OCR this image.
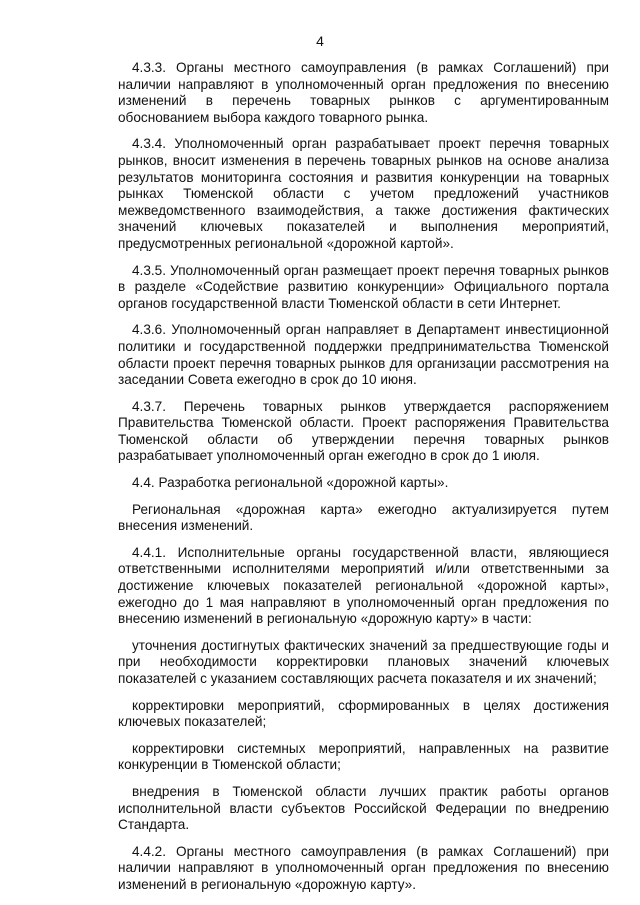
4

4.3.3. Органы местного самоуправления (в рамках Соглашений) при наличии направляют в уполномоченный орган предложения по внесению изменений в перечень товарных рынков с аргументированным обоснованием выбора каждого товарного рынка.

4.3.4. Уполномоченный орган разрабатывает проект перечня товарных рынков, вносит изменения в перечень товарных рынков на основе анализа результатов мониторинга состояния и развития конкуренции на товарных рынках Тюменской области с учетом предложений участников межведомственного взаимодействия, а также достижения фактических значений ключевых показателей и выполнения мероприятий, предусмотренных региональной «дорожной картой».

4.3.5. Уполномоченный орган размещает проект перечня товарных рынков в разделе «Содействие развитию конкуренции» Официального портала органов государственной власти Тюменской области в сети Интернет.

4.3.6. Уполномоченный орган направляет в Департамент инвестиционной политики и государственной поддержки предпринимательства Тюменской области проект перечня товарных рынков для организации рассмотрения на заседании Совета ежегодно в срок до 10 июня.

4.3.7. Перечень товарных рынков утверждается распоряжением Правительства Тюменской области. Проект распоряжения Правительства Тюменской области об утверждении перечня товарных рынков разрабатывает уполномоченный орган ежегодно в срок до 1 июля.

4.4. Разработка региональной «дорожной карты».

Региональная «дорожная карта» ежегодно актуализируется путем внесения изменений.

4.4.1. Исполнительные органы государственной власти, являющиеся ответственными исполнителями мероприятий и/или ответственными за достижение ключевых показателей региональной «дорожной карты», ежегодно до 1 мая направляют в уполномоченный орган предложения по внесению изменений в региональную «дорожную карту» в части:

уточнения достигнутых фактических значений за предшествующие годы и при необходимости корректировки плановых значений ключевых показателей с указанием составляющих расчета показателя и их значений;

корректировки мероприятий, сформированных в целях достижения ключевых показателей;

корректировки системных мероприятий, направленных на развитие конкуренции в Тюменской области;

внедрения в Тюменской области лучших практик работы органов исполнительной власти субъектов Российской Федерации по внедрению Стандарта.

4.4.2. Органы местного самоуправления (в рамках Соглашений) при наличии направляют в уполномоченный орган предложения по внесению изменений в региональную «дорожную карту».
